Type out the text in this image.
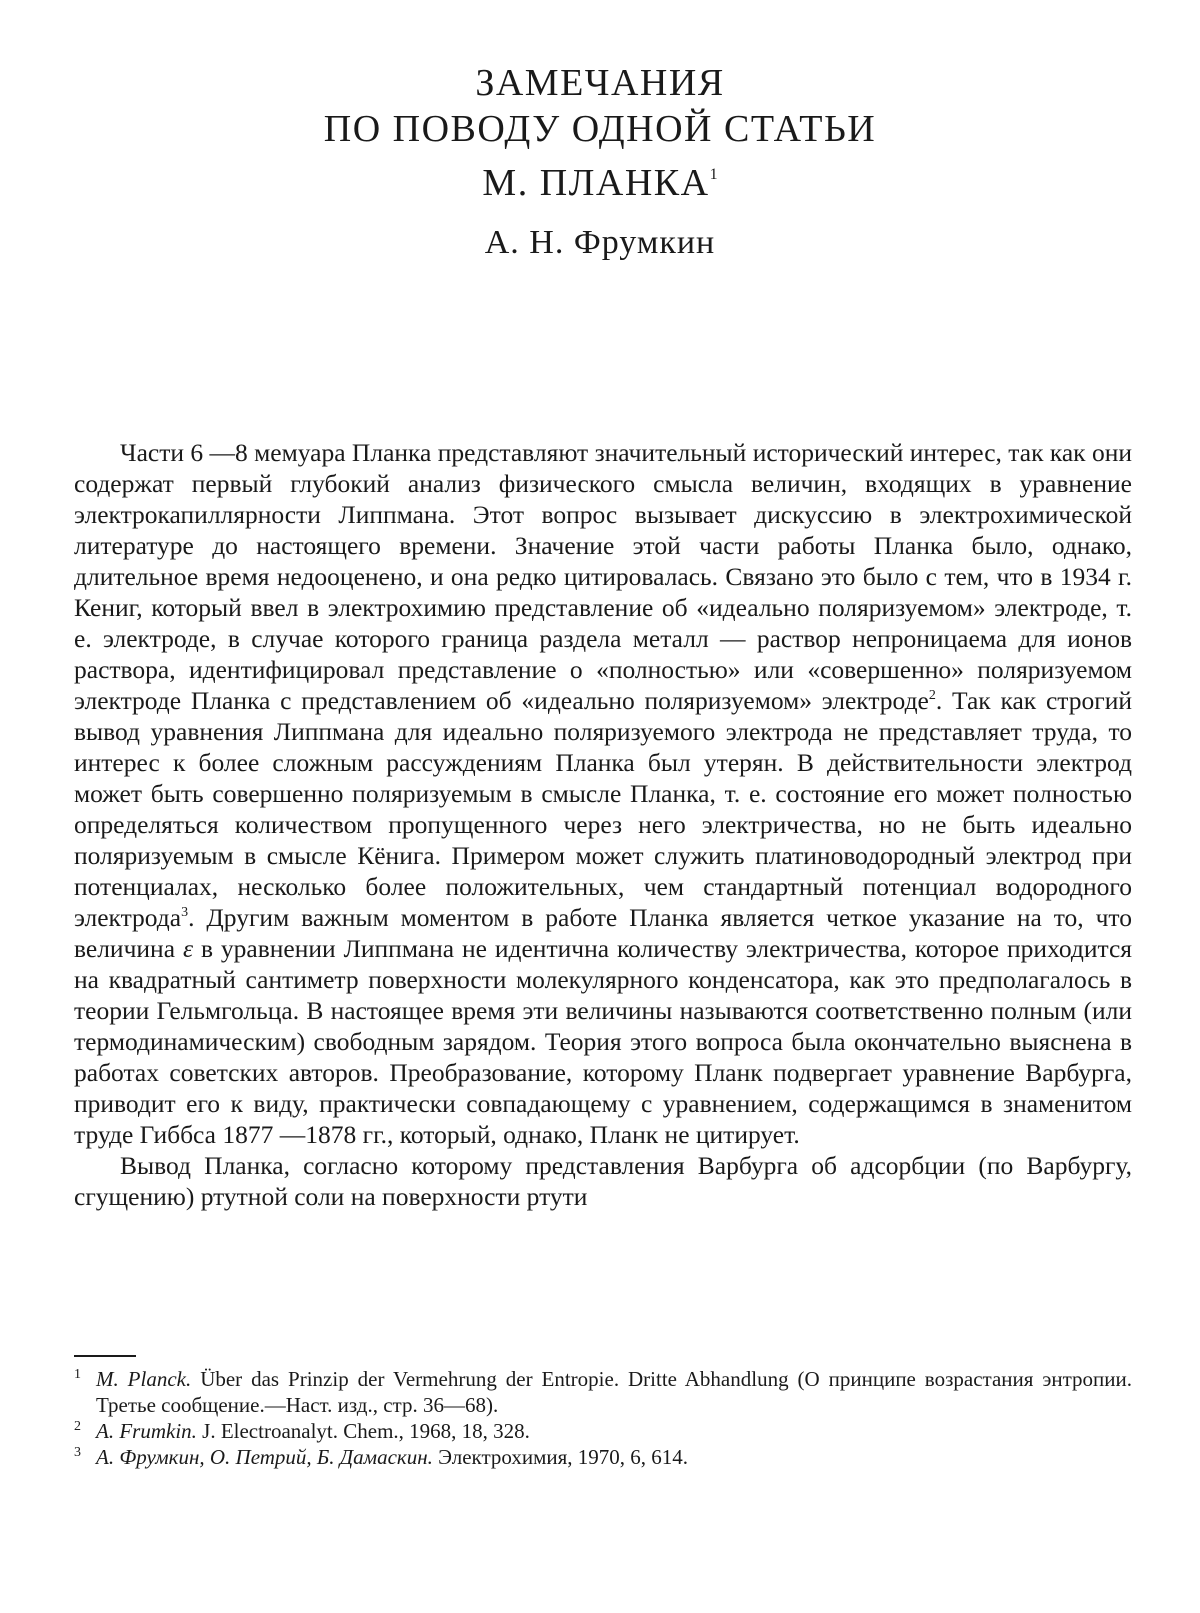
ЗАМЕЧАНИЯ

ПО ПОВОДУ ОДНОЙ СТАТЬИ

М. ПЛАНКА1

А. Н. Фрумкин

Части 6 —8 мемуара Планка представляют значительный исторический интерес, так как они содержат первый глубокий анализ физического смысла величин, входящих в уравнение электрокапиллярности Липпмана. Этот вопрос вызывает дискуссию в электрохимической литературе до настоящего времени. Значение этой части работы Планка было, однако, длительное время недооценено, и она редко цитировалась. Связано это было с тем, что в 1934 г. Кениг, который ввел в электрохимию представление об «идеально поляризуемом» электроде, т. е. электроде, в случае которого граница раздела металл — раствор непроницаема для ионов раствора, идентифицировал представление о «полностью» или «совершенно» поляризуемом электроде Планка с представлением об «идеально поляризуемом» электроде2. Так как строгий вывод уравнения Липпмана для идеально поляризуемого электрода не представляет труда, то интерес к более сложным рассуждениям Планка был утерян. В действительности электрод может быть совершенно поляризуемым в смысле Планка, т. е. состояние его может полностью определяться количеством пропущенного через него электричества, но не быть идеально поляризуемым в смысле Кёнига. Примером может служить платиноводородный электрод при потенциалах, несколько более положительных, чем стандартный потенциал водородного электрода3. Другим важным моментом в работе Планка является четкое указание на то, что величина ε в уравнении Липпмана не идентична количеству электричества, которое приходится на квадратный сантиметр поверхности молекулярного конденсатора, как это предполагалось в теории Гельмгольца. В настоящее время эти величины называются соответственно полным (или термодинамическим) свободным зарядом. Теория этого вопроса была окончательно выяснена в работах советских авторов. Преобразование, которому Планк подвергает уравнение Варбурга, приводит его к виду, практически совпадающему с уравнением, содержащимся в знаменитом труде Гиббса 1877 —1878 гг., который, однако, Планк не цитирует.

Вывод Планка, согласно которому представления Варбурга об адсорбции (по Варбургу, сгущению) ртутной соли на поверхности ртути

1 M. Planck. Über das Prinzip der Vermehrung der Entropie. Dritte Abhandlung (О принципе возрастания энтропии. Третье сообщение.—Наст. изд., стр. 36—68).

2 A. Frumkin. J. Electroanalyt. Chem., 1968, 18, 328.

3 А. Фрумкин, О. Петрий, Б. Дамаскин. Электрохимия, 1970, 6, 614.
